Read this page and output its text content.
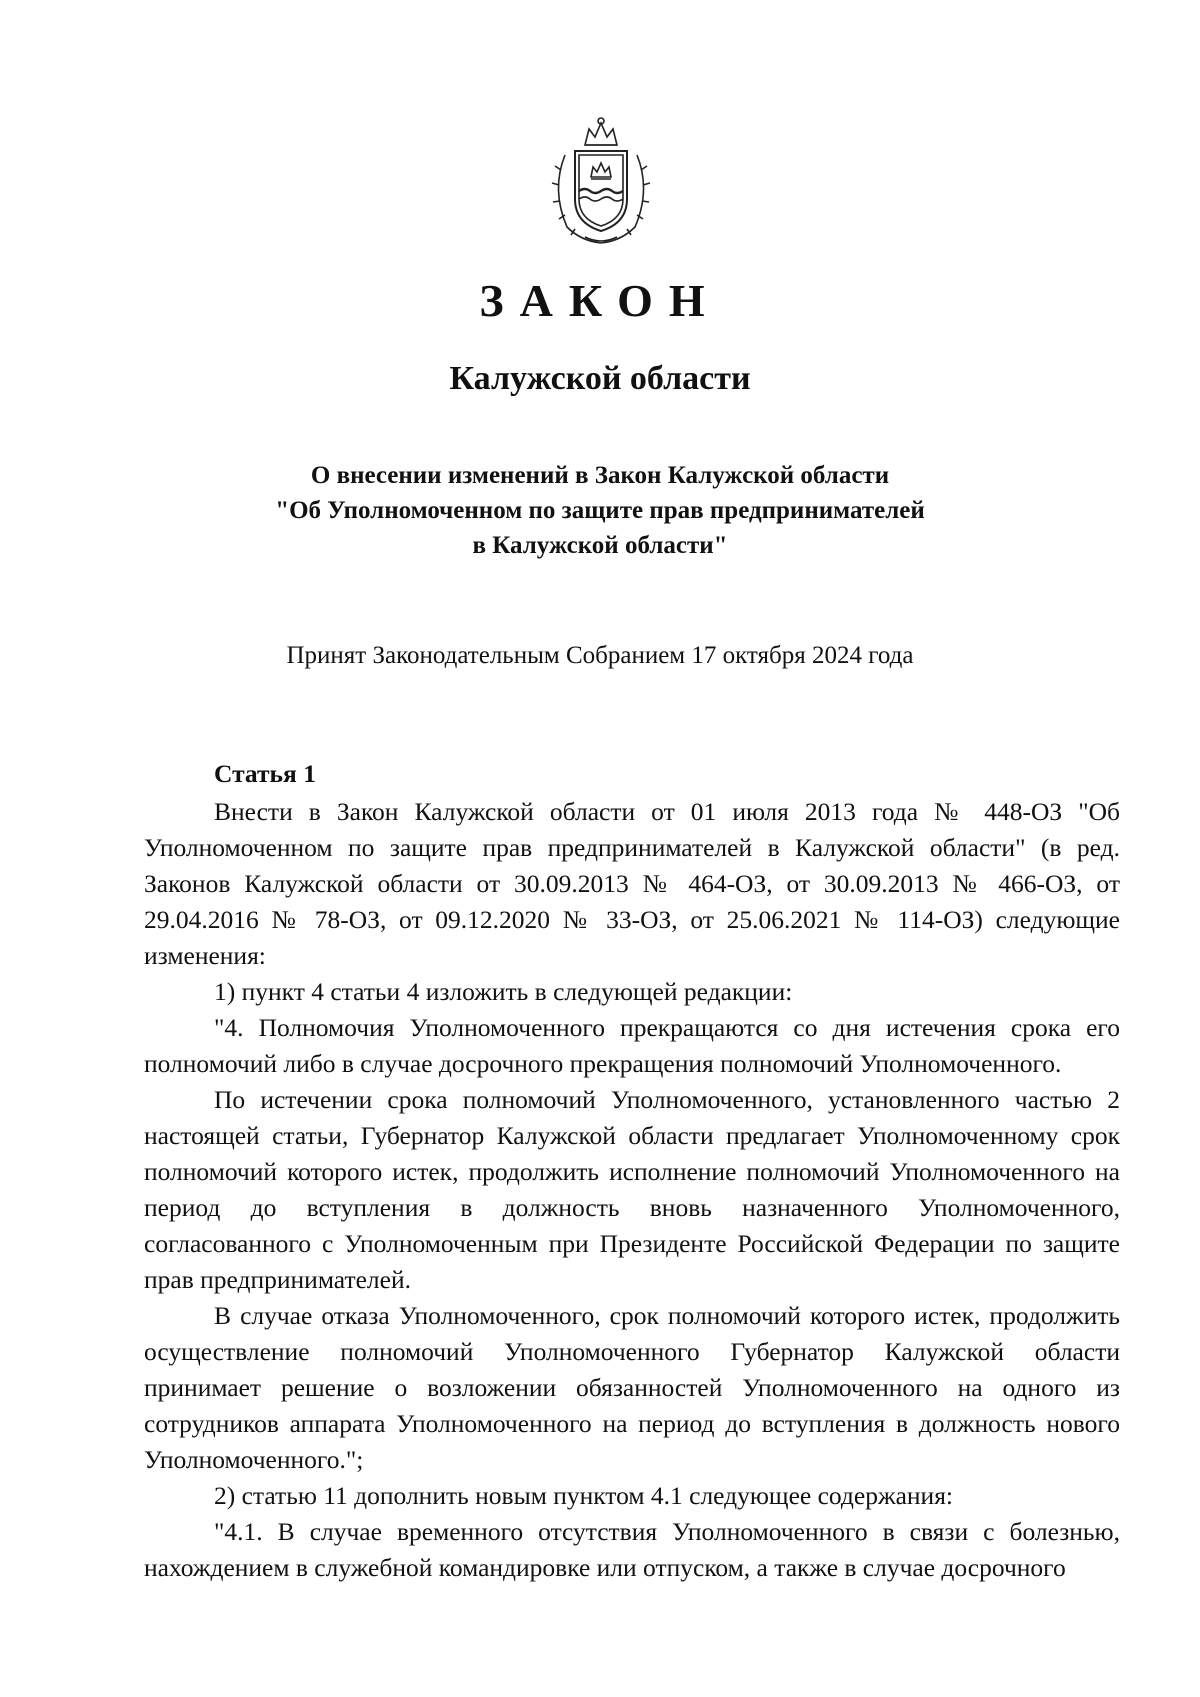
ЗАКОН
Калужской области
О внесении изменений в Закон Калужской области
"Об Уполномоченном по защите прав предпринимателей
в Калужской области"
Принят Законодательным Собранием 17 октября 2024 года
Статья 1

Внести в Закон Калужской области от 01 июля 2013 года № 448-ОЗ "Об Уполномоченном по защите прав предпринимателей в Калужской области" (в ред. Законов Калужской области от 30.09.2013 № 464-ОЗ, от 30.09.2013 № 466-ОЗ, от 29.04.2016 № 78-ОЗ, от 09.12.2020 № 33-ОЗ, от 25.06.2021 № 114-ОЗ) следующие изменения:

1) пункт 4 статьи 4 изложить в следующей редакции:

"4. Полномочия Уполномоченного прекращаются со дня истечения срока его полномочий либо в случае досрочного прекращения полномочий Уполномоченного.

По истечении срока полномочий Уполномоченного, установленного частью 2 настоящей статьи, Губернатор Калужской области предлагает Уполномоченному срок полномочий которого истек, продолжить исполнение полномочий Уполномоченного на период до вступления в должность вновь назначенного Уполномоченного, согласованного с Уполномоченным при Президенте Российской Федерации по защите прав предпринимателей.

В случае отказа Уполномоченного, срок полномочий которого истек, продолжить осуществление полномочий Уполномоченного Губернатор Калужской области принимает решение о возложении обязанностей Уполномоченного на одного из сотрудников аппарата Уполномоченного на период до вступления в должность нового Уполномоченного.";

2) статью 11 дополнить новым пунктом 4.1 следующее содержания:

"4.1. В случае временного отсутствия Уполномоченного в связи с болезнью, нахождением в служебной командировке или отпуском, а также в случае досрочного
